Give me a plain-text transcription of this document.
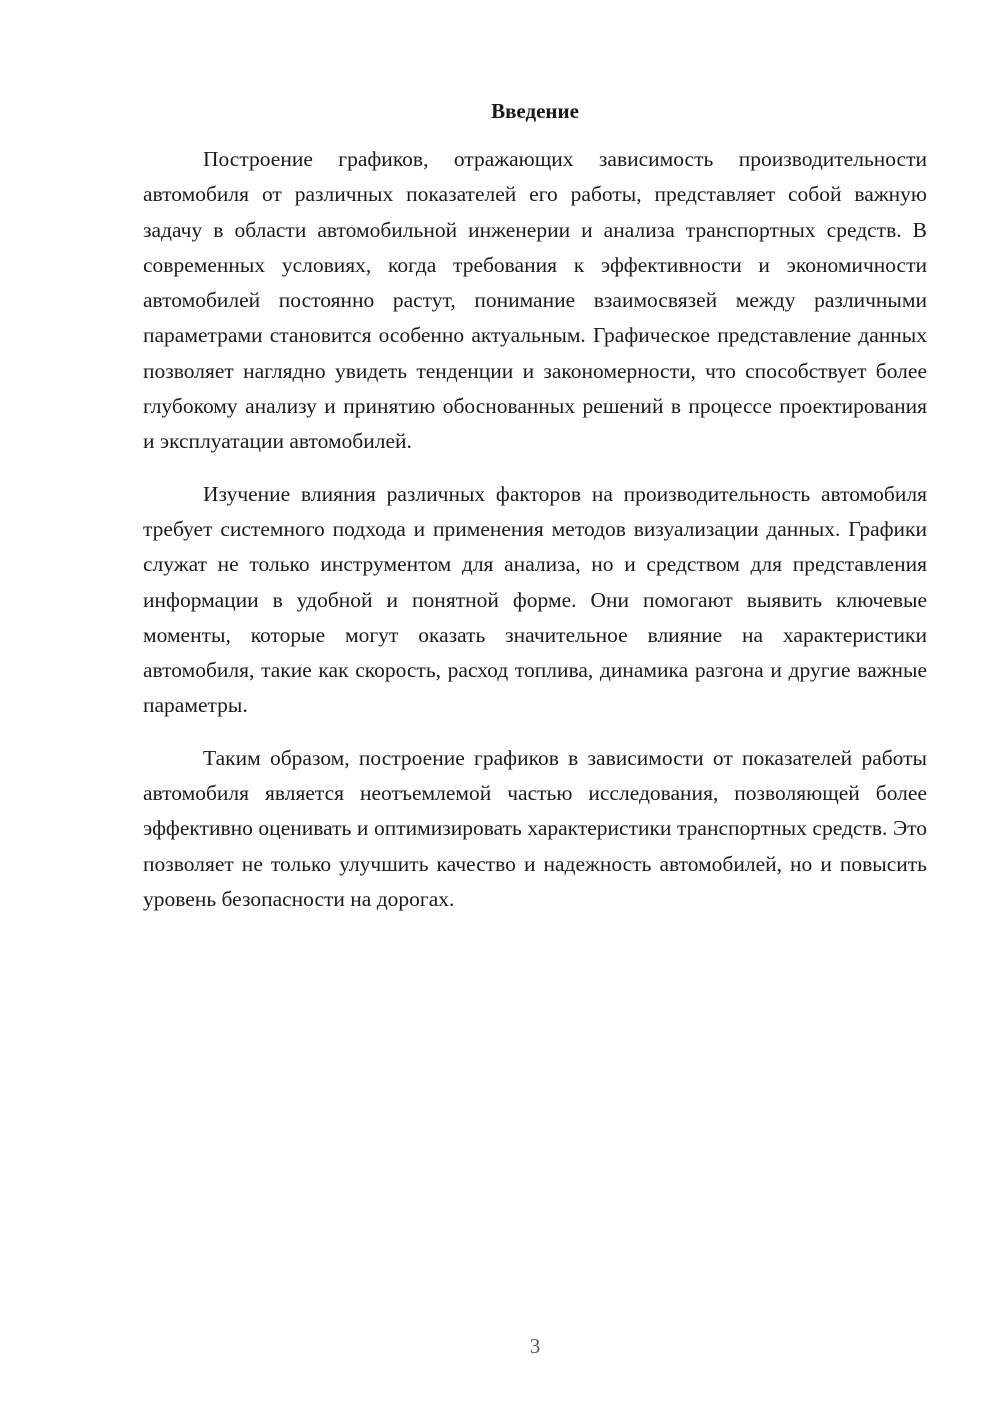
Введение

Построение графиков, отражающих зависимость производительности автомобиля от различных показателей его работы, представляет собой важную задачу в области автомобильной инженерии и анализа транспортных средств. В современных условиях, когда требования к эффективности и экономичности автомобилей постоянно растут, понимание взаимосвязей между различными параметрами становится особенно актуальным. Графическое представление данных позволяет наглядно увидеть тенденции и закономерности, что способствует более глубокому анализу и принятию обоснованных решений в процессе проектирования и эксплуатации автомобилей.

Изучение влияния различных факторов на производительность автомобиля требует системного подхода и применения методов визуализации данных. Графики служат не только инструментом для анализа, но и средством для представления информации в удобной и понятной форме. Они помогают выявить ключевые моменты, которые могут оказать значительное влияние на характеристики автомобиля, такие как скорость, расход топлива, динамика разгона и другие важные параметры.

Таким образом, построение графиков в зависимости от показателей работы автомобиля является неотъемлемой частью исследования, позволяющей более эффективно оценивать и оптимизировать характеристики транспортных средств. Это позволяет не только улучшить качество и надежность автомобилей, но и повысить уровень безопасности на дорогах.

3
